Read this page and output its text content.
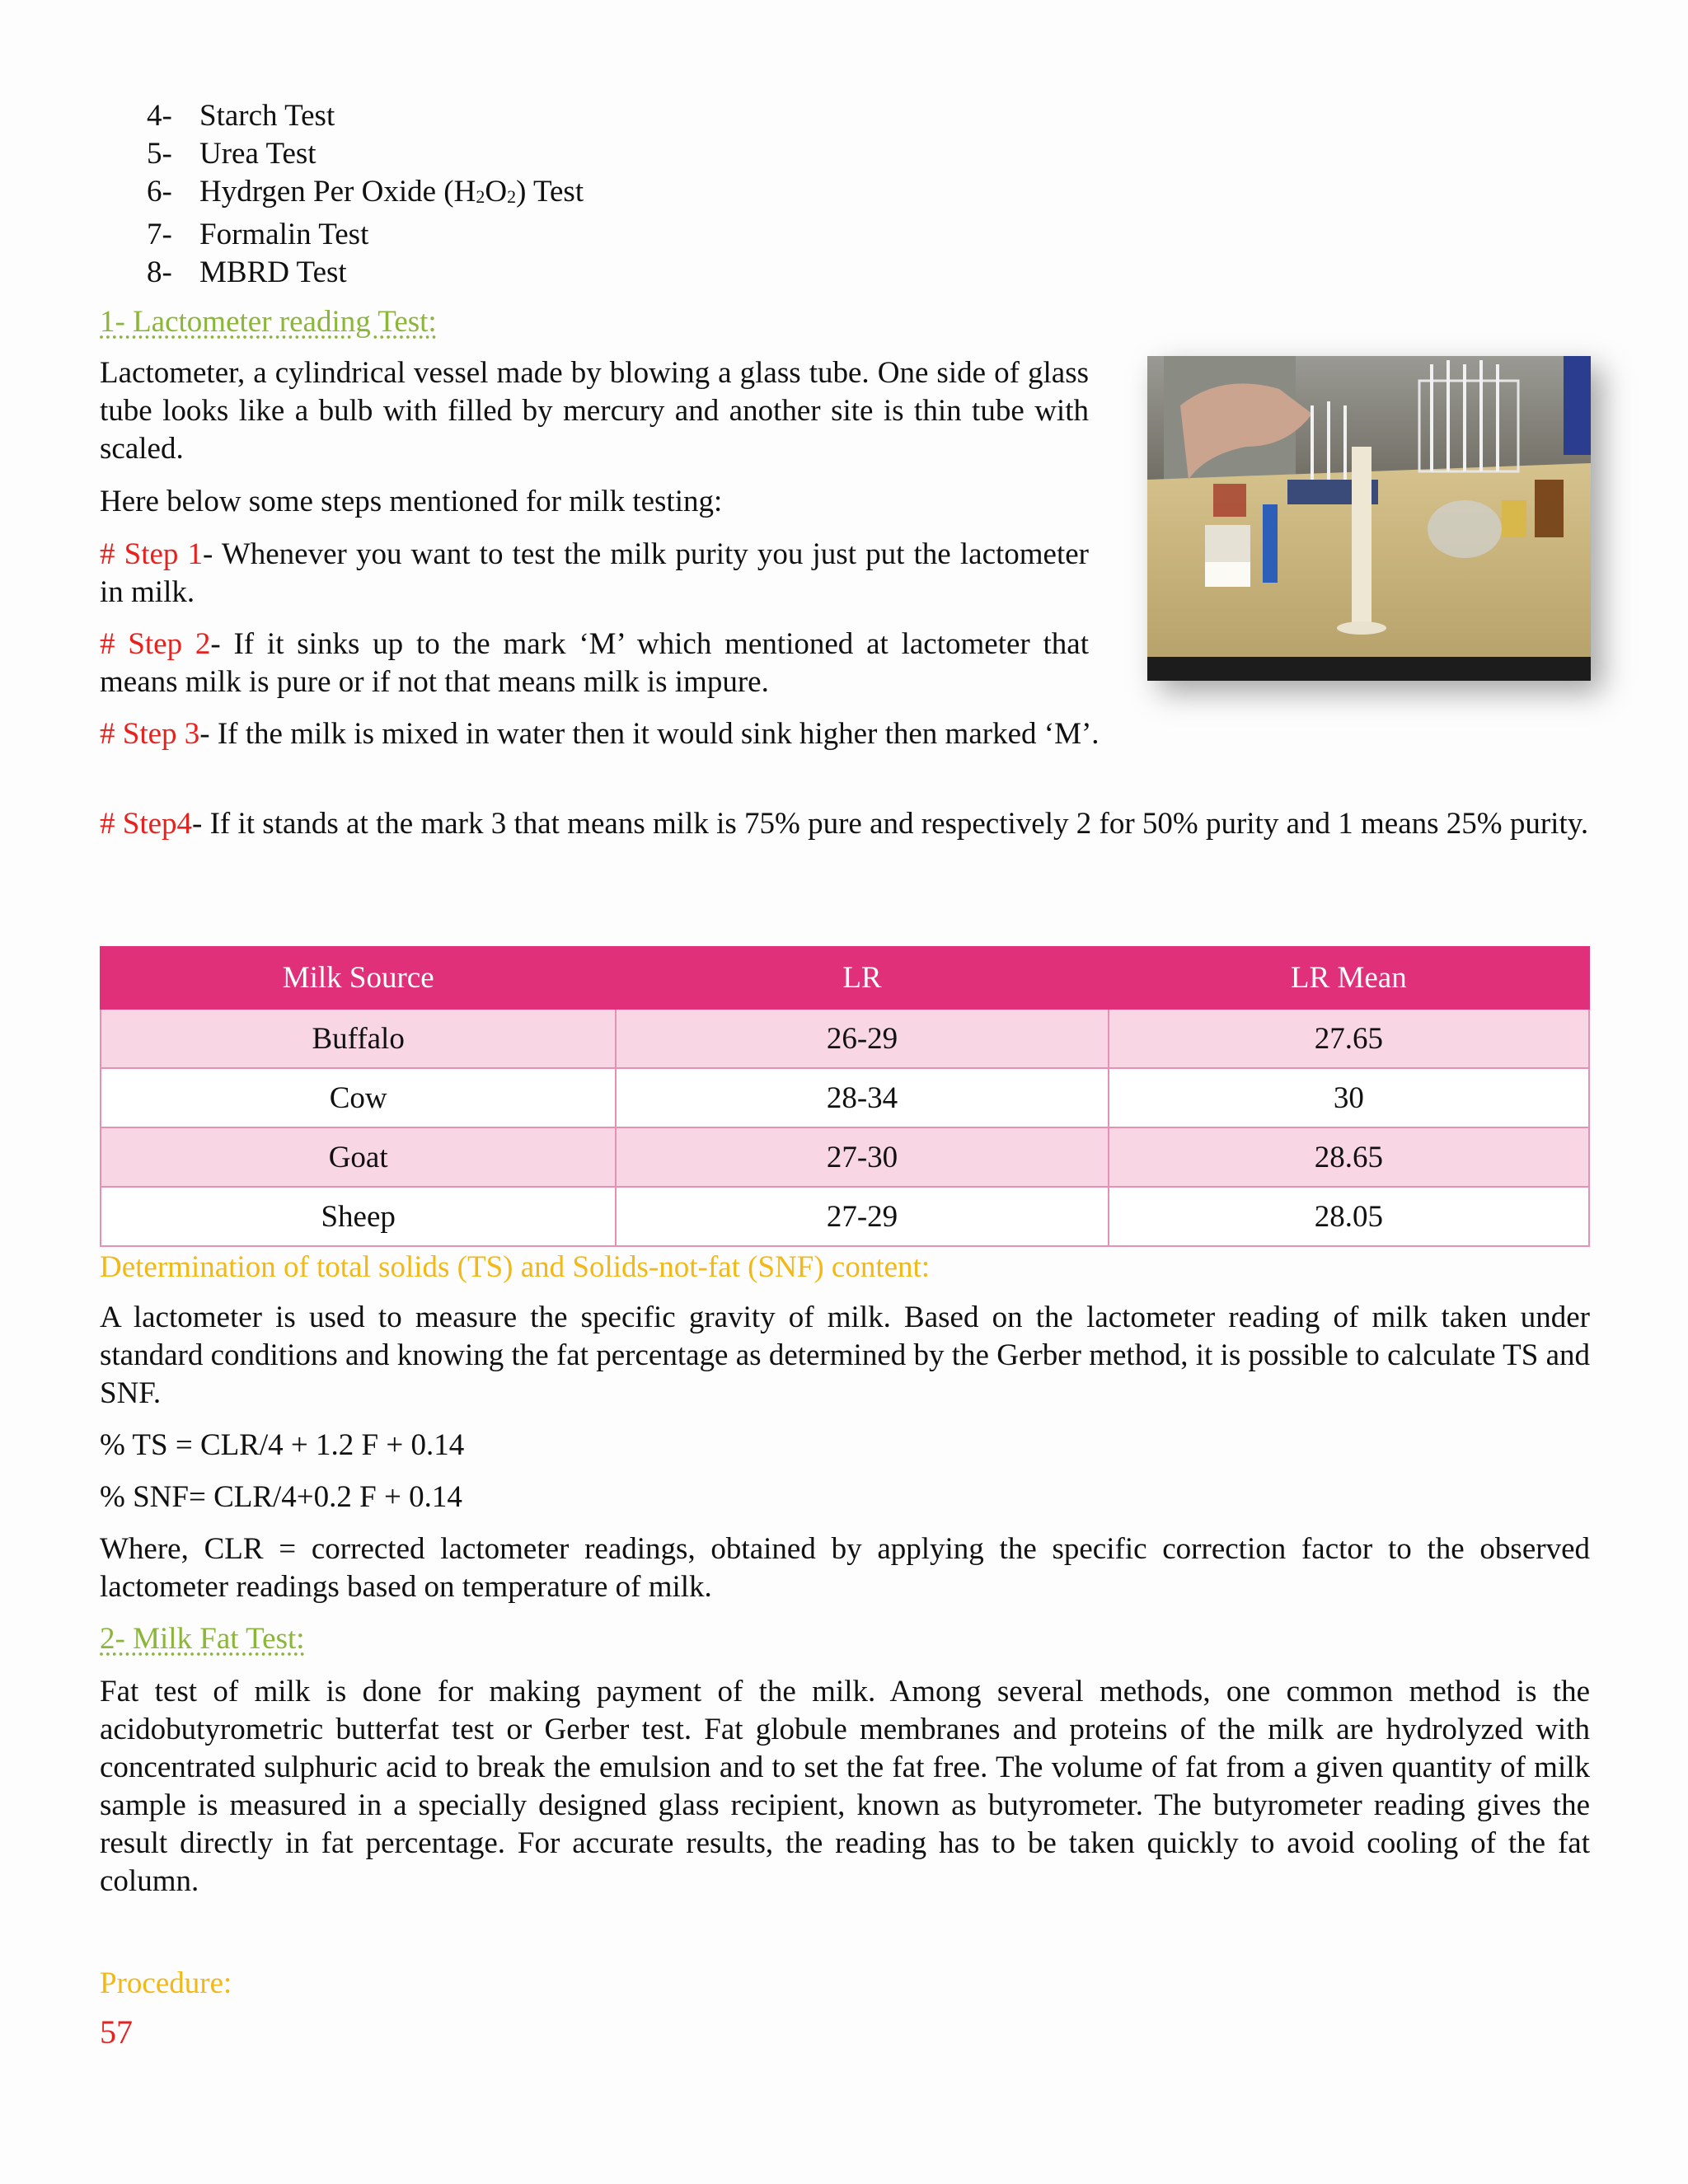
4- Starch Test
5- Urea Test
6- Hydrgen Per Oxide $(H_2O_2)$ Test
7- Formalin Test
8- MBRD Test
1- Lactometer reading Test:
Lactometer, a cylindrical vessel made by blowing a glass tube. One side of glass tube looks like a bulb with filled by mercury and another site is thin tube with scaled.
Here below some steps mentioned for milk testing:
# Step 1- Whenever you want to test the milk purity you just put the lactometer in milk.
# Step 2- If it sinks up to the mark ‘M’ which mentioned at lactometer that means milk is pure or if not that means milk is impure.
# Step 3- If the milk is mixed in water then it would sink higher then marked ‘M’.
# Step4- If it stands at the mark 3 that means milk is 75% pure and respectively 2 for 50% purity and 1 means 25% purity.
Milk Source	LR	LR Mean
Buffalo	26-29	27.65
Cow	28-34	30
Goat	27-30	28.65
Sheep	27-29	28.05
Determination of total solids (TS) and Solids-not-fat (SNF) content:
A lactometer is used to measure the specific gravity of milk. Based on the lactometer reading of milk taken under standard conditions and knowing the fat percentage as determined by the Gerber method, it is possible to calculate TS and SNF.
% TS = CLR/4 + 1.2 F + 0.14
% SNF= CLR/4+0.2 F + 0.14
Where, CLR = corrected lactometer readings, obtained by applying the specific correction factor to the observed lactometer readings based on temperature of milk.
2- Milk Fat Test:
Fat test of milk is done for making payment of the milk. Among several methods, one common method is the acidobutyrometric butterfat test or Gerber test. Fat globule membranes and proteins of the milk are hydrolyzed with concentrated sulphuric acid to break the emulsion and to set the fat free. The volume of fat from a given quantity of milk sample is measured in a specially designed glass recipient, known as butyrometer. The butyrometer reading gives the result directly in fat percentage. For accurate results, the reading has to be taken quickly to avoid cooling of the fat column.
Procedure:
57
